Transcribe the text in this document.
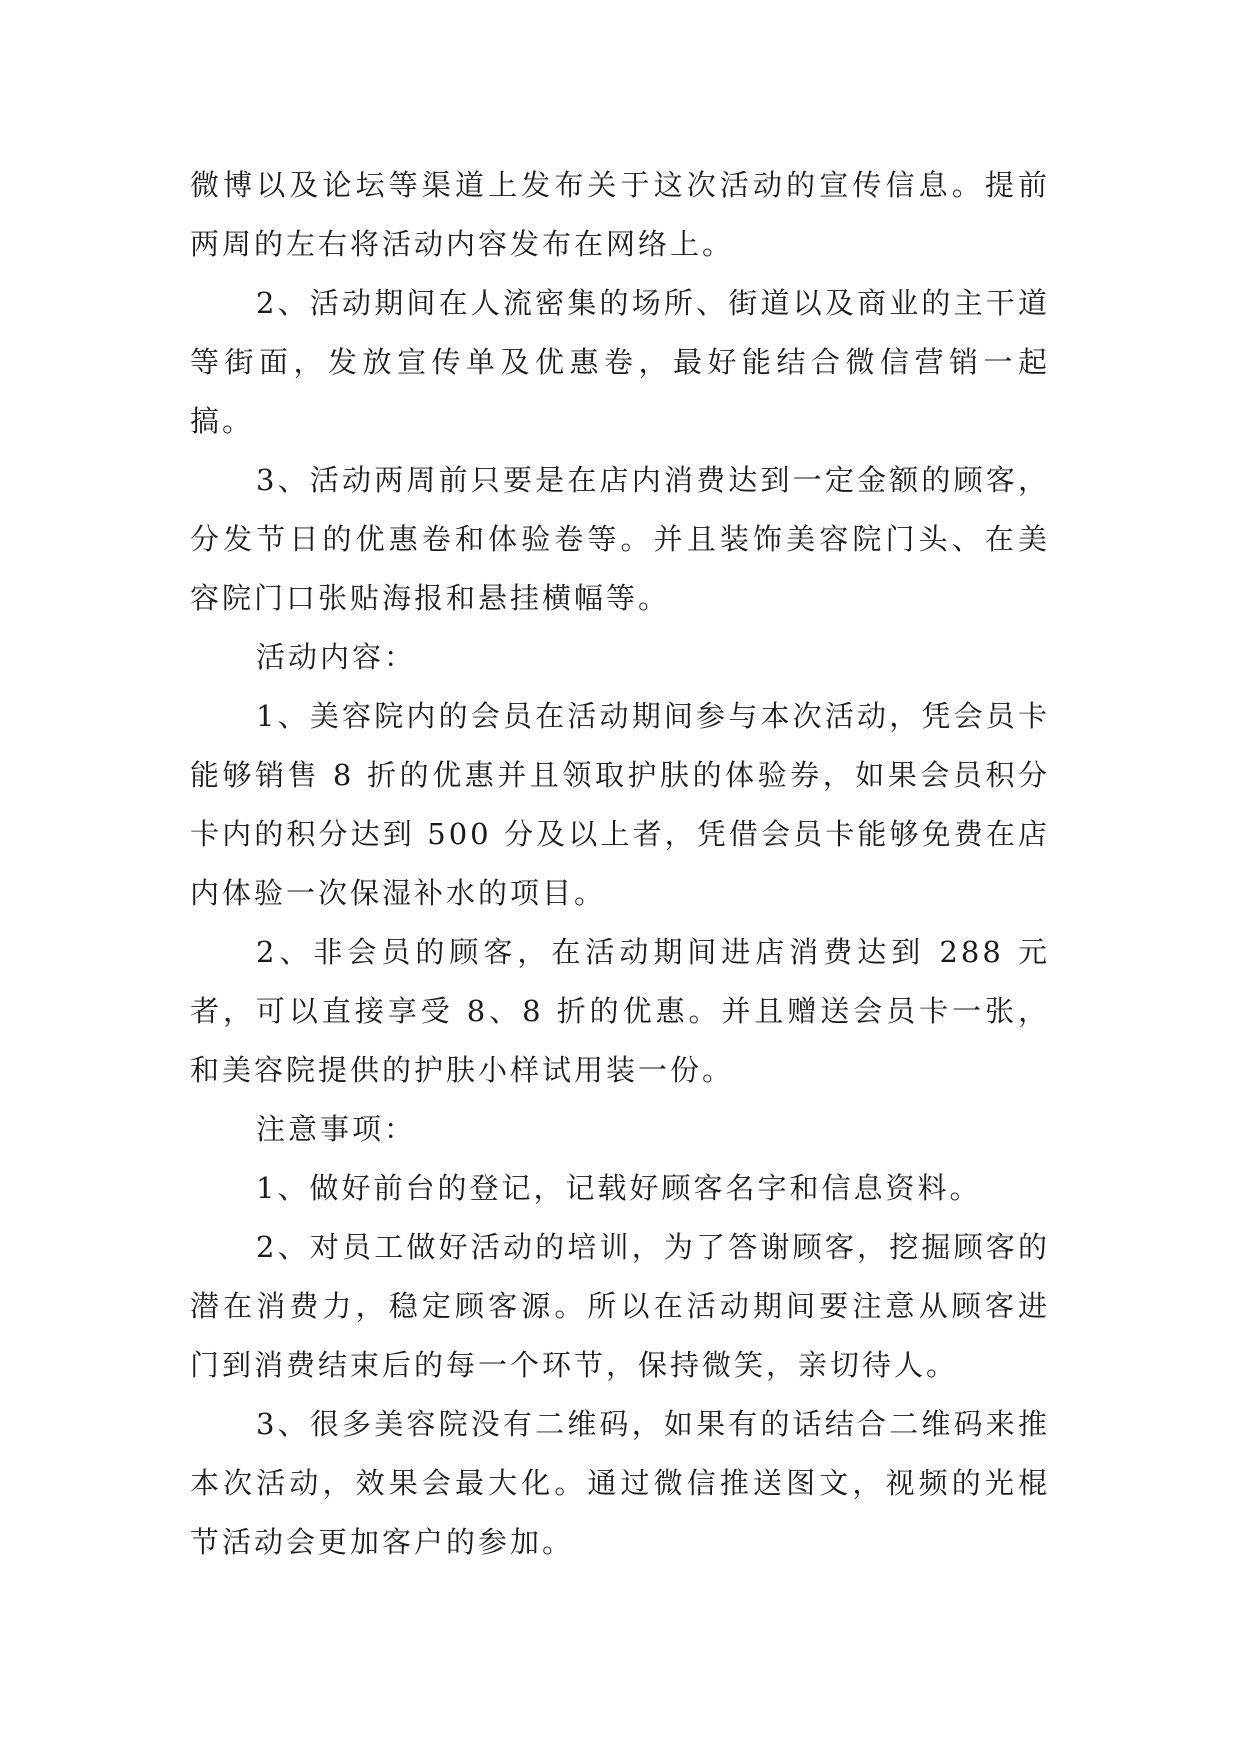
微博以及论坛等渠道上发布关于这次活动的宣传信息。提前两周的左右将活动内容发布在网络上。

2、活动期间在人流密集的场所、街道以及商业的主干道等街面，发放宣传单及优惠卷，最好能结合微信营销一起搞。

3、活动两周前只要是在店内消费达到一定金额的顾客，分发节日的优惠卷和体验卷等。并且装饰美容院门头、在美容院门口张贴海报和悬挂横幅等。

活动内容：

1、美容院内的会员在活动期间参与本次活动，凭会员卡能够销售 8 折的优惠并且领取护肤的体验券，如果会员积分卡内的积分达到 500 分及以上者，凭借会员卡能够免费在店内体验一次保湿补水的项目。

2、非会员的顾客，在活动期间进店消费达到 288 元者，可以直接享受 8、8 折的优惠。并且赠送会员卡一张，和美容院提供的护肤小样试用装一份。

注意事项：

1、做好前台的登记，记载好顾客名字和信息资料。

2、对员工做好活动的培训，为了答谢顾客，挖掘顾客的潜在消费力，稳定顾客源。所以在活动期间要注意从顾客进门到消费结束后的每一个环节，保持微笑，亲切待人。

3、很多美容院没有二维码，如果有的话结合二维码来推本次活动，效果会最大化。通过微信推送图文，视频的光棍节活动会更加客户的参加。
